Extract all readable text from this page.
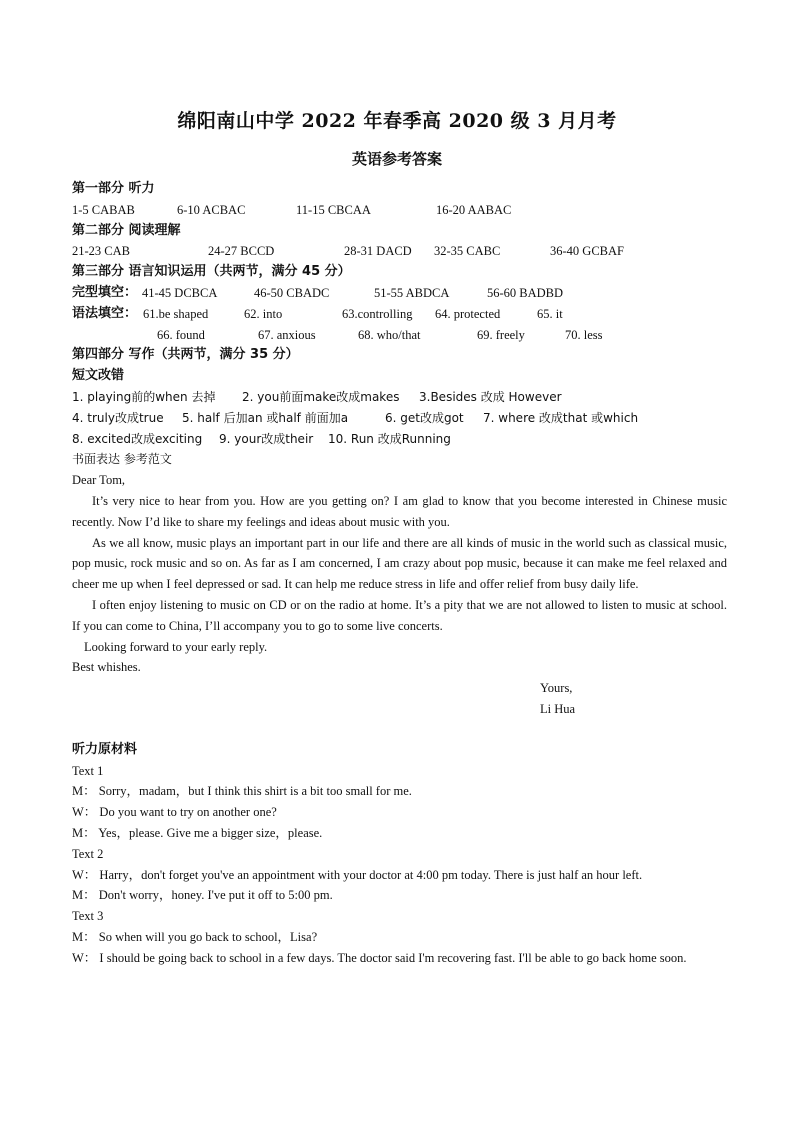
绵阳南山中学 2022 年春季高 2020 级 3 月月考
英语参考答案
第一部分 听力
1-5 CABAB	6-10 ACBAC	11-15 CBCAA	16-20 AABAC
第二部分 阅读理解
21-23 CAB	24-27 BCCD	28-31 DACD 32-35 CABC	36-40 GCBAF
第三部分 语言知识运用（共两节，满分 45 分）
完型填空： 41-45 DCBCA	46-50 CBADC	51-55 ABDCA	56-60 BADBD
语法填空： 61.be shaped	62. into	63.controlling 64. protected	65. it
66. found	67. anxious	68. who/that	69. freely	70. less
第四部分 写作（共两节，满分 35 分）
短文改错
1. playing前的when 去掉 2. you前面make改成makes 3.Besides 改成 However
4. truly改成true 5. half 后加an 或half 前面加a	6. get改成got 7. where 改成that 或which
8. excited改成exciting 9. your改成their 10. Run 改成Running
书面表达 参考范文
Dear Tom,
It’s very nice to hear from you. How are you getting on? I am glad to know that you become interested in Chinese music recently. Now I’d like to share my feelings and ideas about music with you.
As we all know, music plays an important part in our life and there are all kinds of music in the world such as classical music, pop music, rock music and so on. As far as I am concerned, I am crazy about pop music, because it can make me feel relaxed and cheer me up when I feel depressed or sad. It can help me reduce stress in life and offer relief from busy daily life.
I often enjoy listening to music on CD or on the radio at home. It’s a pity that we are not allowed to listen to music at school. If you can come to China, I’ll accompany you to go to some live concerts.
Looking forward to your early reply.
Best whishes.
Yours,
Li Hua
听力原材料
Text 1
M： Sorry，madam，but I think this shirt is a bit too small for me.
W： Do you want to try on another one?
M： Yes，please. Give me a bigger size，please.
Text 2
W： Harry，don't forget you've an appointment with your doctor at 4:00 pm today. There is just half an hour left.
M： Don't worry，honey. I've put it off to 5:00 pm.
Text 3
M： So when will you go back to school，Lisa?
W： I should be going back to school in a few days. The doctor said I'm recovering fast. I'll be able to go back home soon.
